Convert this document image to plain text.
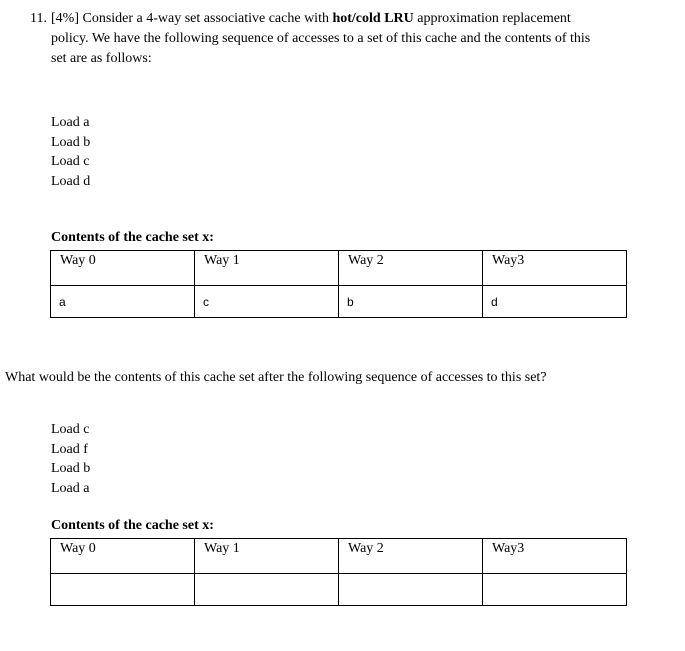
11. [4%] Consider a 4-way set associative cache with hot/cold LRU approximation replacement
policy. We have the following sequence of accesses to a set of this cache and the contents of this
set are as follows:
Load a
Load b
Load c
Load d
Contents of the cache set x:
Way 0	Way 1	Way 2	Way3
a	c	b	d
What would be the contents of this cache set after the following sequence of accesses to this set?
Load c
Load f
Load b
Load a
Contents of the cache set x:
Way 0	Way 1	Way 2	Way3
